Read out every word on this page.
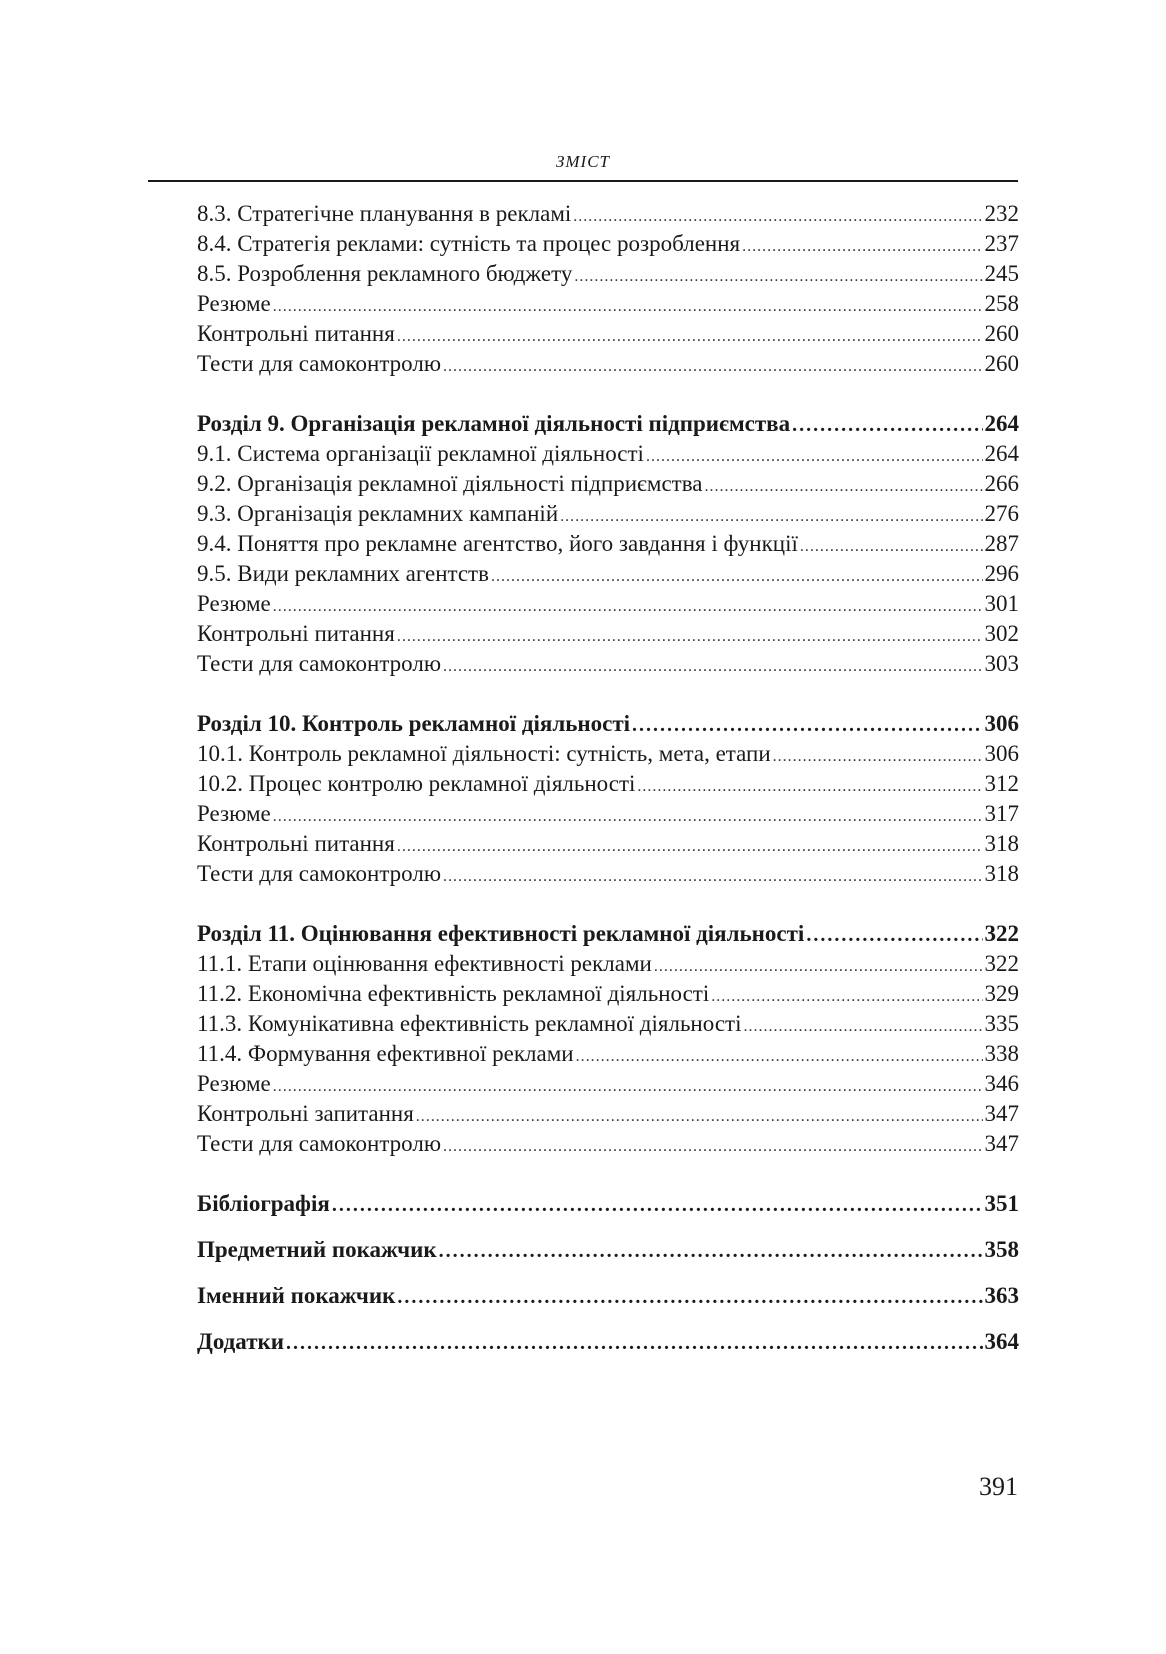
ЗМІСТ
8.3. Стратегічне планування в рекламі .....	232
8.4. Стратегія реклами: сутність та процес розроблення .....	237
8.5. Розроблення рекламного бюджету .....	245
Резюме .....	258
Контрольні питання .....	260
Тести для самоконтролю .....	260
Розділ 9. Організація рекламної діяльності підприємства .....	264
9.1. Система організації рекламної діяльності .....	264
9.2. Організація рекламної діяльності підприємства .....	266
9.3. Організація рекламних кампаній .....	276
9.4. Поняття про рекламне агентство, його завдання і функції .....	287
9.5. Види рекламних агентств .....	296
Резюме .....	301
Контрольні питання .....	302
Тести для самоконтролю .....	303
Розділ 10. Контроль рекламної діяльності .....	306
10.1. Контроль рекламної діяльності: сутність, мета, етапи .....	306
10.2. Процес контролю рекламної діяльності .....	312
Резюме .....	317
Контрольні питання .....	318
Тести для самоконтролю .....	318
Розділ 11. Оцінювання ефективності рекламної діяльності .....	322
11.1. Етапи оцінювання ефективності реклами .....	322
11.2. Економічна ефективність рекламної діяльності .....	329
11.3. Комунікативна ефективність рекламної діяльності .....	335
11.4. Формування ефективної реклами .....	338
Резюме .....	346
Контрольні запитання .....	347
Тести для самоконтролю .....	347
Бібліографія .....	351
Предметний покажчик .....	358
Іменний покажчик .....	363
Додатки .....	364
391
